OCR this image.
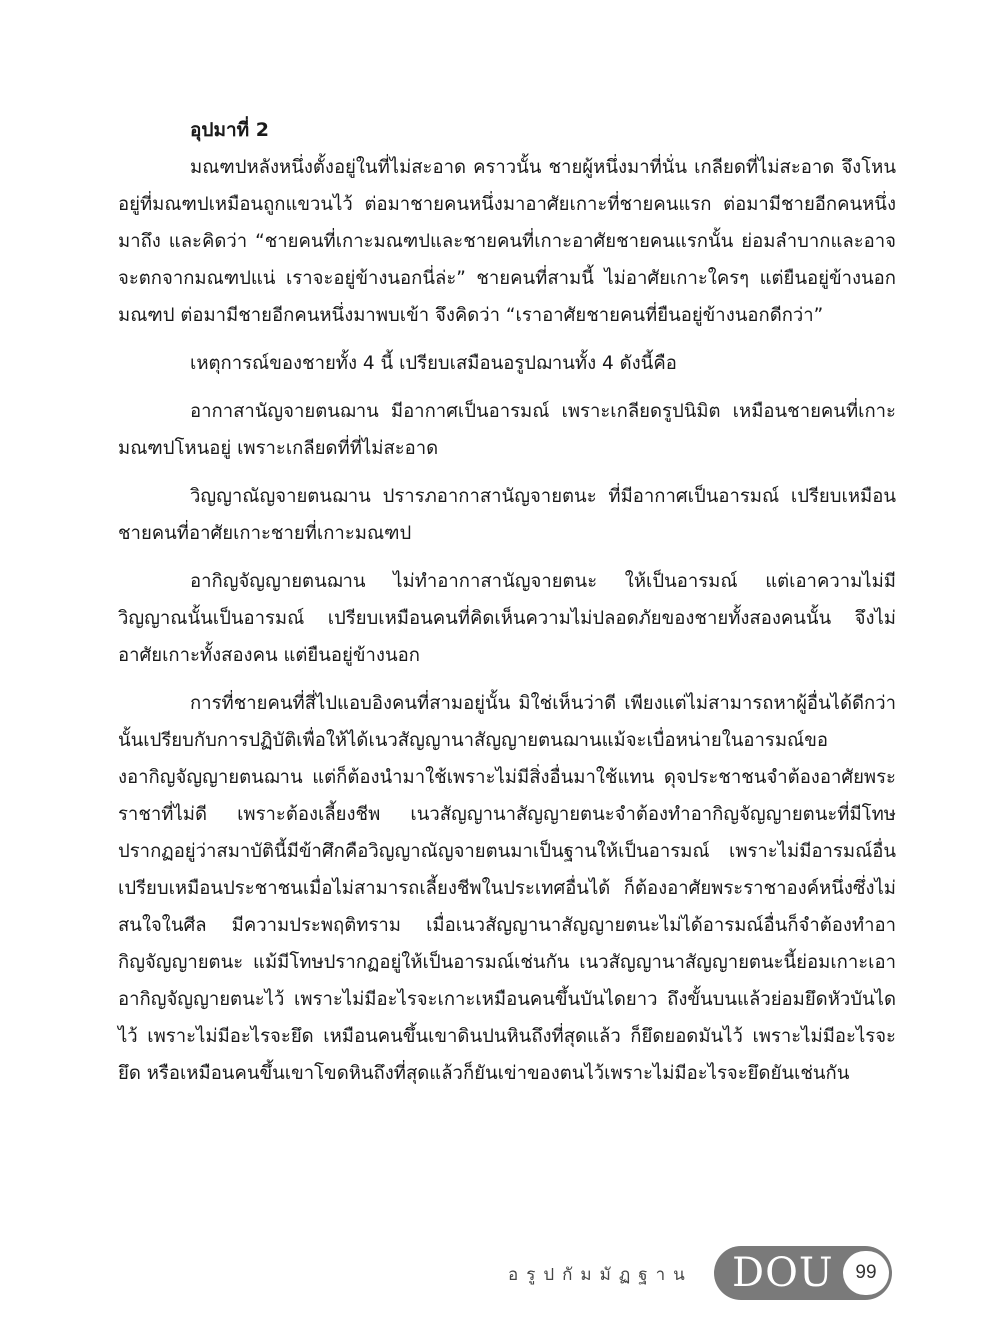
อุปมาที่ 2

มณฑปหลังหนึ่งตั้งอยู่ในที่ไม่สะอาด คราวนั้น ชายผู้หนึ่งมาที่นั่น เกลียดที่ไม่สะอาด จึงโหนอยู่ที่มณฑปเหมือนถูกแขวนไว้ ต่อมาชายคนหนึ่งมาอาศัยเกาะที่ชายคนแรก ต่อมามีชายอีกคนหนึ่งมาถึง และคิดว่า “ชายคนที่เกาะมณฑปและชายคนที่เกาะอาศัยชายคนแรกนั้น ย่อมลำบากและอาจจะตกจากมณฑปแน่ เราจะอยู่ข้างนอกนี่ล่ะ” ชายคนที่สามนี้ ไม่อาศัยเกาะใครๆ แต่ยืนอยู่ข้างนอกมณฑป ต่อมามีชายอีกคนหนึ่งมาพบเข้า จึงคิดว่า “เราอาศัยชายคนที่ยืนอยู่ข้างนอกดีกว่า”

เหตุการณ์ของชายทั้ง 4 นี้ เปรียบเสมือนอรูปฌานทั้ง 4 ดังนี้คือ

อากาสานัญจายตนฌาน มีอากาศเป็นอารมณ์ เพราะเกลียดรูปนิมิต เหมือนชายคนที่เกาะมณฑปโหนอยู่ เพราะเกลียดที่ที่ไม่สะอาด

วิญญาณัญจายตนฌาน ปรารภอากาสานัญจายตนะ ที่มีอากาศเป็นอารมณ์ เปรียบเหมือนชายคนที่อาศัยเกาะชายที่เกาะมณฑป

อากิญจัญญายตนฌาน ไม่ทำอากาสานัญจายตนะ ให้เป็นอารมณ์ แต่เอาความไม่มีวิญญาณนั้นเป็นอารมณ์ เปรียบเหมือนคนที่คิดเห็นความไม่ปลอดภัยของชายทั้งสองคนนั้น จึงไม่อาศัยเกาะทั้งสองคน แต่ยืนอยู่ข้างนอก

การที่ชายคนที่สี่ไปแอบอิงคนที่สามอยู่นั้น มิใช่เห็นว่าดี เพียงแต่ไม่สามารถหาผู้อื่นได้ดีกว่านั้นเปรียบกับการปฏิบัติเพื่อให้ได้เนวสัญญานาสัญญายตนฌานแม้จะเบื่อหน่ายในอารมณ์ของอากิญจัญญายตนฌาน แต่ก็ต้องนำมาใช้เพราะไม่มีสิ่งอื่นมาใช้แทน ดุจประชาชนจำต้องอาศัยพระราชาที่ไม่ดี เพราะต้องเลี้ยงชีพ เนวสัญญานาสัญญายตนะจำต้องทำอากิญจัญญายตนะที่มีโทษปรากฏอยู่ว่าสมาบัตินี้มีข้าศึกคือวิญญาณัญจายตนมาเป็นฐานให้เป็นอารมณ์ เพราะไม่มีอารมณ์อื่น เปรียบเหมือนประชาชนเมื่อไม่สามารถเลี้ยงชีพในประเทศอื่นได้ ก็ต้องอาศัยพระราชาองค์หนึ่งซึ่งไม่สนใจในศีล มีความประพฤติทราม เมื่อเนวสัญญานาสัญญายตนะไม่ได้อารมณ์อื่นก็จำต้องทำอากิญจัญญายตนะ แม้มีโทษปรากฏอยู่ให้เป็นอารมณ์เช่นกัน เนวสัญญานาสัญญายตนะนี้ย่อมเกาะเอาอากิญจัญญายตนะไว้ เพราะไม่มีอะไรจะเกาะเหมือนคนขึ้นบันไดยาว ถึงขั้นบนแล้วย่อมยึดหัวบันไดไว้ เพราะไม่มีอะไรจะยึด เหมือนคนขึ้นเขาดินปนหินถึงที่สุดแล้ว ก็ยึดยอดมันไว้ เพราะไม่มีอะไรจะยึด หรือเหมือนคนขึ้นเขาโขดหินถึงที่สุดแล้วก็ยันเข่าของตนไว้เพราะไม่มีอะไรจะยึดยันเช่นกัน

อรูปกัมมัฏฐาน DOU	99
